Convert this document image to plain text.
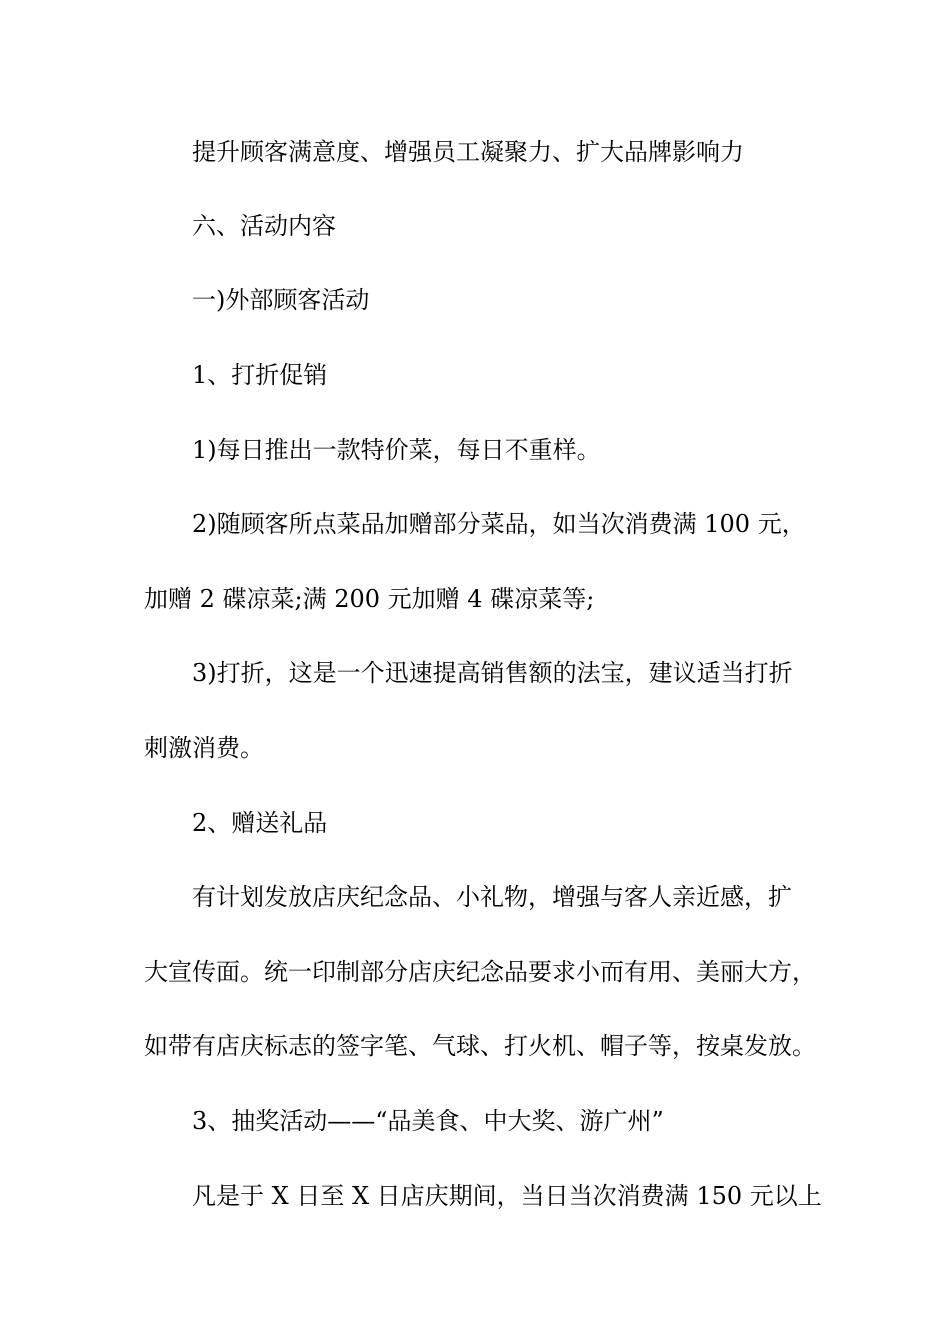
提升顾客满意度、增强员工凝聚力、扩大品牌影响力
六、活动内容
一)外部顾客活动
1、打折促销
1)每日推出一款特价菜，每日不重样。
2)随顾客所点菜品加赠部分菜品，如当次消费满 100 元，
加赠 2 碟凉菜;满 200 元加赠 4 碟凉菜等;
3)打折，这是一个迅速提高销售额的法宝，建议适当打折
刺激消费。
2、赠送礼品
有计划发放店庆纪念品、小礼物，增强与客人亲近感，扩
大宣传面。统一印制部分店庆纪念品要求小而有用、美丽大方，
如带有店庆标志的签字笔、气球、打火机、帽子等，按桌发放。
3、抽奖活动——“品美食、中大奖、游广州”
凡是于 X 日至 X 日店庆期间，当日当次消费满 150 元以上
